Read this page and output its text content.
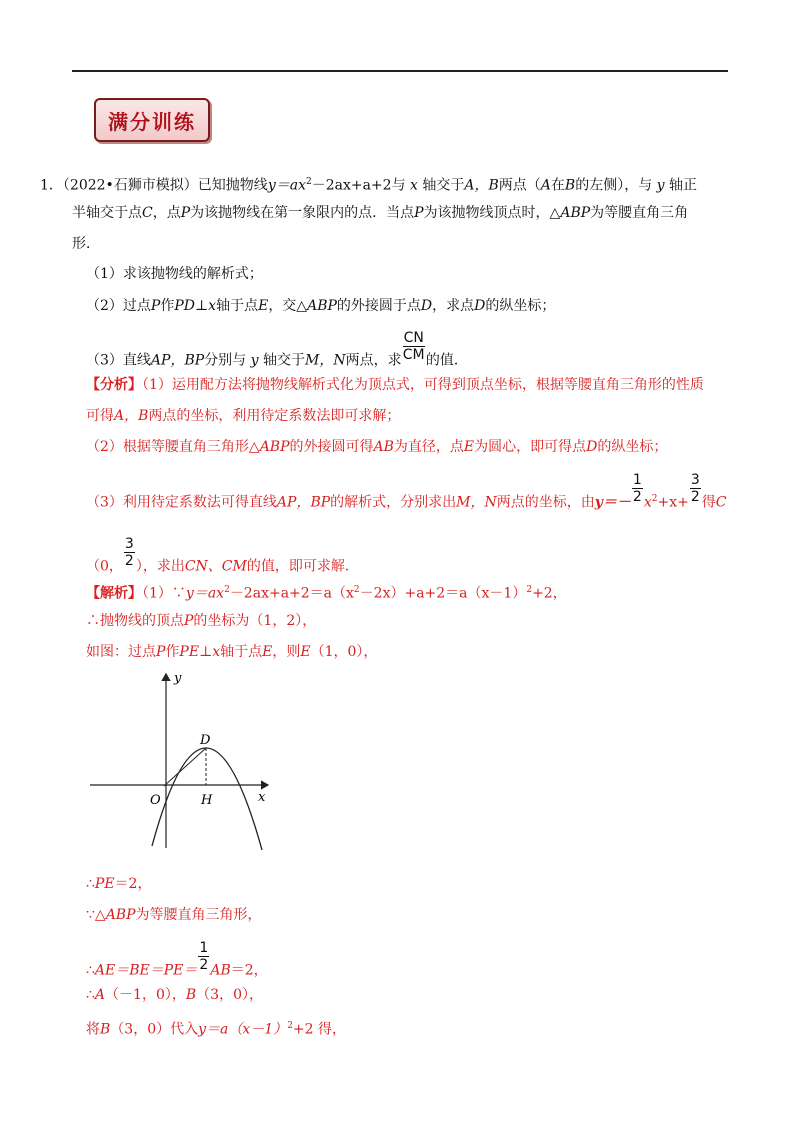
满分训练
1．（2022•石狮市模拟）已知抛物线$y=ax^2-2ax+a+2$与 x 轴交于A，B两点（A在B的左侧），与 y 轴正
半轴交于点C，点P为该抛物线在第一象限内的点．当点P为该抛物线顶点时，△ABP为等腰直角三角
形．
（1）求该抛物线的解析式；
（2）过点P作PD⊥x轴于点E，交△ABP的外接圆于点D，求点D的纵坐标；
（3）直线AP，BP分别与 y 轴交于M，N两点，求 $\frac{CN}{CM}$ 的值．
【分析】（1）运用配方法将抛物线解析式化为顶点式，可得到顶点坐标，根据等腰直角三角形的性质
可得A，B两点的坐标，利用待定系数法即可求解；
（2）根据等腰直角三角形△ABP的外接圆可得AB为直径，点E为圆心，即可得点D的纵坐标；
（3）利用待定系数法可得直线AP，BP的解析式，分别求出M，N两点的坐标，由$y=- \frac{1}{2} x^2+x+ \frac{3}{2}$ 得C
（0， $\frac{3}{2}$ ），求出CN、CM的值，即可求解．
【解析】$(1)\because y=ax^2-2ax+a+2=a(x^2-2x)+a+2=a(x-1)^2+2$，
∴抛物线的顶点P的坐标为（1，2），
如图：过点P作PE⊥x轴于点E，则E（1，0），
y
x
O
D
H
∴PE＝2，
∵△ABP为等腰直角三角形，
∴AE＝BE＝PE＝ $\frac{1}{2} AB=2$，
∴A（－1，0），B（3，0），
将B（3，0）代入$y=a(x-1)^2+2$ 得，
